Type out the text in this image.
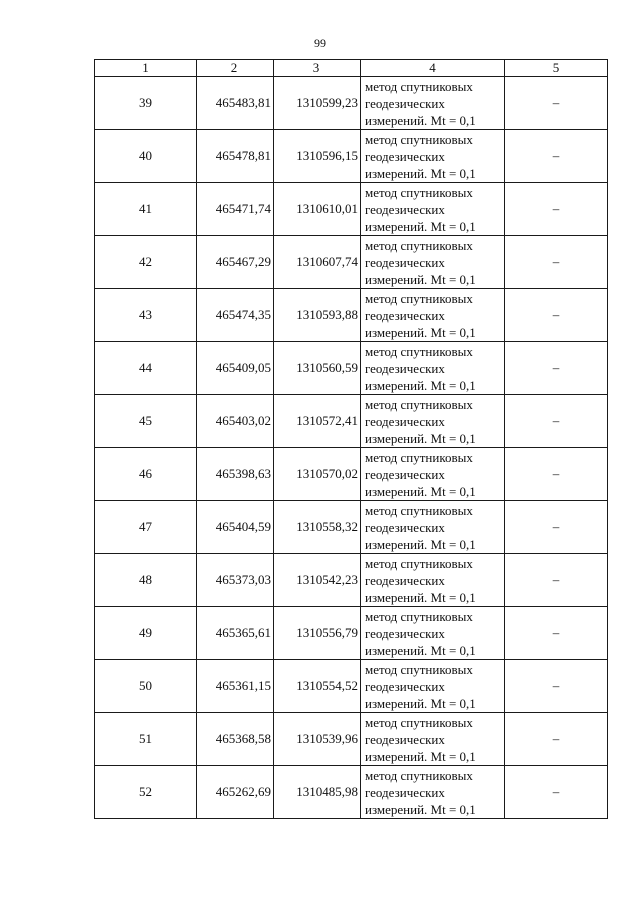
99
1	2	3	4	5
39	465483,81	1310599,23	метод спутниковых
геодезических
измерений. Mt = 0,1	–
40	465478,81	1310596,15	метод спутниковых
геодезических
измерений. Mt = 0,1	–
41	465471,74	1310610,01	метод спутниковых
геодезических
измерений. Mt = 0,1	–
42	465467,29	1310607,74	метод спутниковых
геодезических
измерений. Mt = 0,1	–
43	465474,35	1310593,88	метод спутниковых
геодезических
измерений. Mt = 0,1	–
44	465409,05	1310560,59	метод спутниковых
геодезических
измерений. Mt = 0,1	–
45	465403,02	1310572,41	метод спутниковых
геодезических
измерений. Mt = 0,1	–
46	465398,63	1310570,02	метод спутниковых
геодезических
измерений. Mt = 0,1	–
47	465404,59	1310558,32	метод спутниковых
геодезических
измерений. Mt = 0,1	–
48	465373,03	1310542,23	метод спутниковых
геодезических
измерений. Mt = 0,1	–
49	465365,61	1310556,79	метод спутниковых
геодезических
измерений. Mt = 0,1	–
50	465361,15	1310554,52	метод спутниковых
геодезических
измерений. Mt = 0,1	–
51	465368,58	1310539,96	метод спутниковых
геодезических
измерений. Mt = 0,1	–
52	465262,69	1310485,98	метод спутниковых
геодезических
измерений. Mt = 0,1	–
